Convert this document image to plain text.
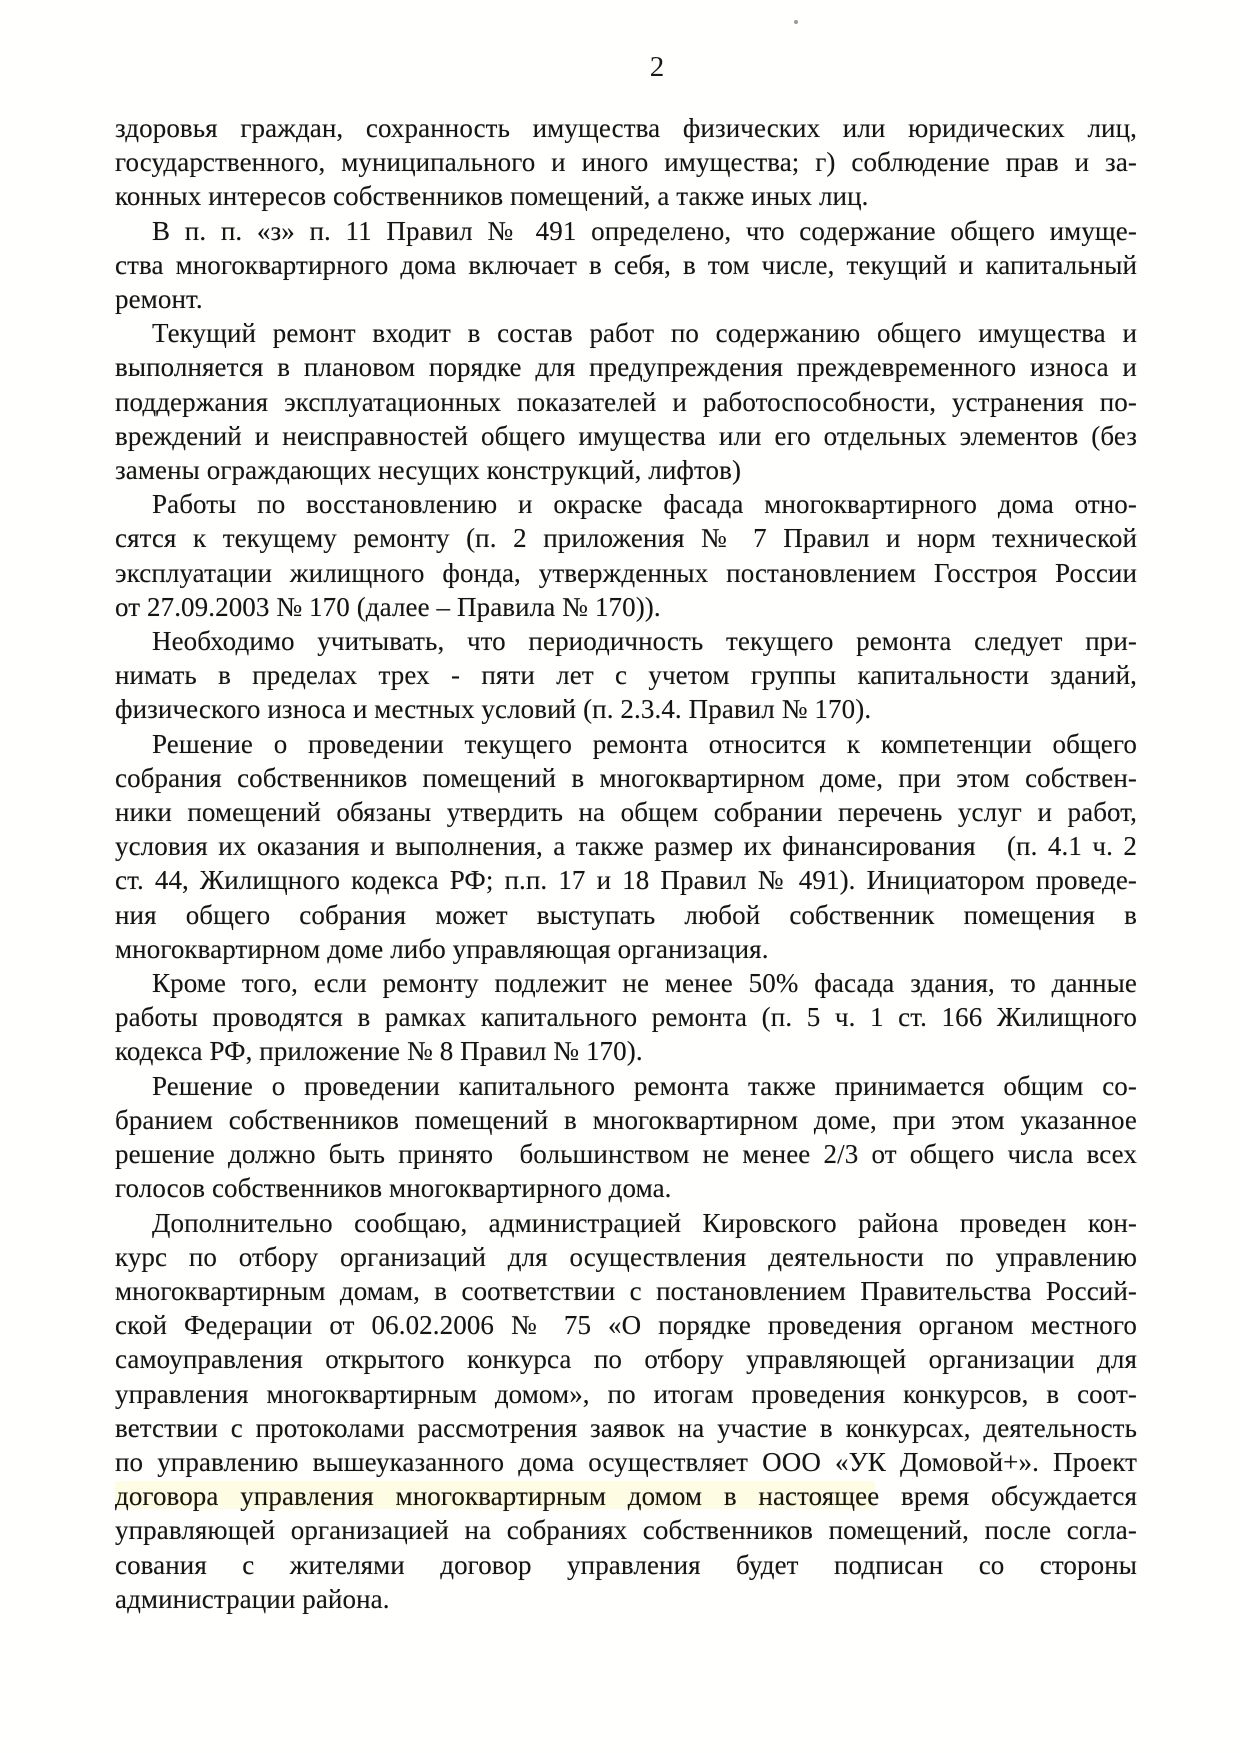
2
здоровья граждан, сохранность имущества физических или юридических лиц,
государственного, муниципального и иного имущества; г) соблюдение прав и за-
конных интересов собственников помещений, а также иных лиц.
В п. п. «з» п. 11 Правил № 491 определено, что содержание общего имуще-
ства многоквартирного дома включает в себя, в том числе, текущий и капитальный
ремонт.
Текущий ремонт входит в состав работ по содержанию общего имущества и
выполняется в плановом порядке для предупреждения преждевременного износа и
поддержания эксплуатационных показателей и работоспособности, устранения по-
вреждений и неисправностей общего имущества или его отдельных элементов (без
замены ограждающих несущих конструкций, лифтов)
Работы по восстановлению и окраске фасада многоквартирного дома отно-
сятся к текущему ремонту (п. 2 приложения № 7 Правил и норм технической
эксплуатации жилищного фонда, утвержденных постановлением Госстроя России
от 27.09.2003 № 170 (далее – Правила № 170)).
Необходимо учитывать, что периодичность текущего ремонта следует при-
нимать в пределах трех - пяти лет с учетом группы капитальности зданий,
физического износа и местных условий (п. 2.3.4. Правил № 170).
Решение о проведении текущего ремонта относится к компетенции общего
собрания собственников помещений в многоквартирном доме, при этом собствен-
ники помещений обязаны утвердить на общем собрании перечень услуг и работ,
условия их оказания и выполнения, а также размер их финансирования   (п. 4.1 ч. 2
ст. 44, Жилищного кодекса РФ; п.п. 17 и 18 Правил № 491). Инициатором проведе-
ния общего собрания может выступать любой собственник помещения в
многоквартирном доме либо управляющая организация.
Кроме того, если ремонту подлежит не менее 50% фасада здания, то данные
работы проводятся в рамках капитального ремонта (п. 5 ч. 1 ст. 166 Жилищного
кодекса РФ, приложение № 8 Правил № 170).
Решение о проведении капитального ремонта также принимается общим со-
бранием собственников помещений в многоквартирном доме, при этом указанное
решение должно быть принято  большинством не менее 2/3 от общего числа всех
голосов собственников многоквартирного дома.
Дополнительно сообщаю, администрацией Кировского района проведен кон-
курс по отбору организаций для осуществления деятельности по управлению
многоквартирным домам, в соответствии с постановлением Правительства Россий-
ской Федерации от 06.02.2006 № 75 «О порядке проведения органом местного
самоуправления открытого конкурса по отбору управляющей организации для
управления многоквартирным домом», по итогам проведения конкурсов, в соот-
ветствии с протоколами рассмотрения заявок на участие в конкурсах, деятельность
по управлению вышеуказанного дома осуществляет ООО «УК Домовой+». Проект
договора управления многоквартирным домом в настоящее время обсуждается
управляющей организацией на собраниях собственников помещений, после согла-
сования с жителями договор управления будет подписан со стороны
администрации района.
